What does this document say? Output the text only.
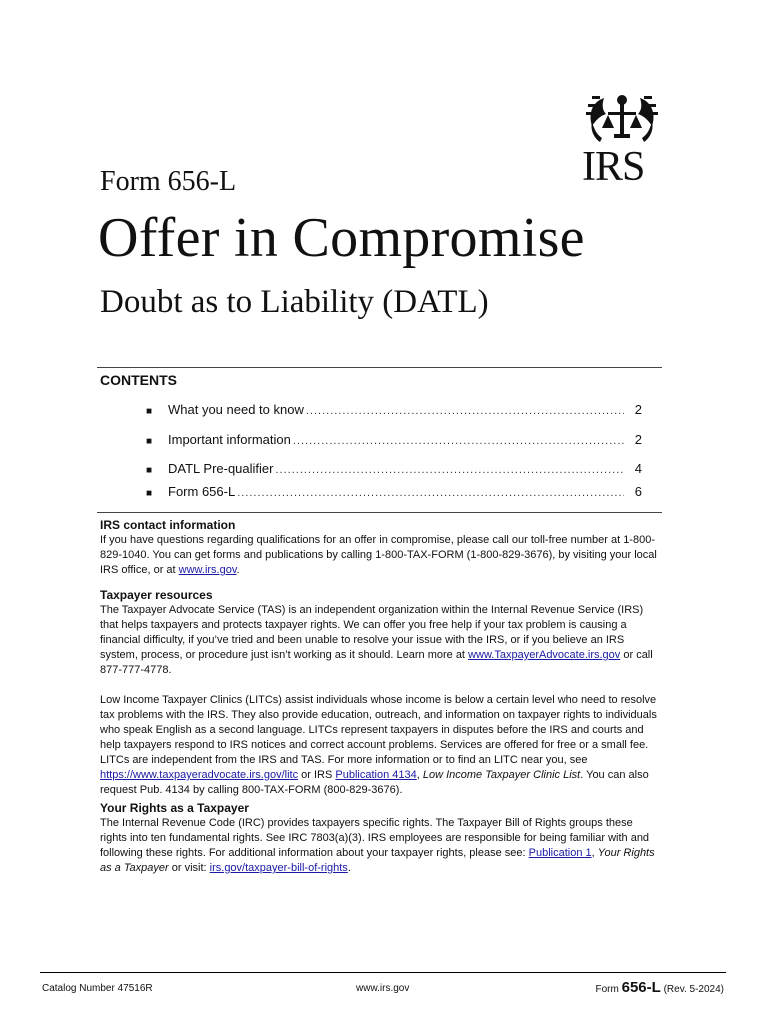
IRS
Form 656-L
Offer in Compromise
Doubt as to Liability (DATL)
CONTENTS
■	What you need to know .....	2
■	Important information .....	2
■	DATL Pre-qualifier .....	4
■	Form 656-L .....	6
IRS contact information

If you have questions regarding qualifications for an offer in compromise, please call our toll-free number at 1-800-829-1040. You can get forms and publications by calling 1-800-TAX-FORM (1-800-829-3676), by visiting your local IRS office, or at www.irs.gov.

Taxpayer resources

The Taxpayer Advocate Service (TAS) is an independent organization within the Internal Revenue Service (IRS) that helps taxpayers and protects taxpayer rights. We can offer you free help if your tax problem is causing a financial difficulty, if you’ve tried and been unable to resolve your issue with the IRS, or if you believe an IRS system, process, or procedure just isn’t working as it should. Learn more at www.TaxpayerAdvocate.irs.gov or call 877-777-4778.

Low Income Taxpayer Clinics (LITCs) assist individuals whose income is below a certain level who need to resolve tax problems with the IRS. They also provide education, outreach, and information on taxpayer rights to individuals who speak English as a second language. LITCs represent taxpayers in disputes before the IRS and courts and help taxpayers respond to IRS notices and correct account problems. Services are offered for free or a small fee. LITCs are independent from the IRS and TAS. For more information or to find an LITC near you, see https://www.taxpayeradvocate.irs.gov/litc or IRS Publication 4134, Low Income Taxpayer Clinic List. You can also request Pub. 4134 by calling 800-TAX-FORM (800-829-3676).

Your Rights as a Taxpayer

The Internal Revenue Code (IRC) provides taxpayers specific rights. The Taxpayer Bill of Rights groups these rights into ten fundamental rights. See IRC 7803(a)(3). IRS employees are responsible for being familiar with and following these rights. For additional information about your taxpayer rights, please see: Publication 1, Your Rights as a Taxpayer or visit: irs.gov/taxpayer-bill-of-rights.

Catalog Number 47516R	www.irs.gov	Form 656-L (Rev. 5-2024)
